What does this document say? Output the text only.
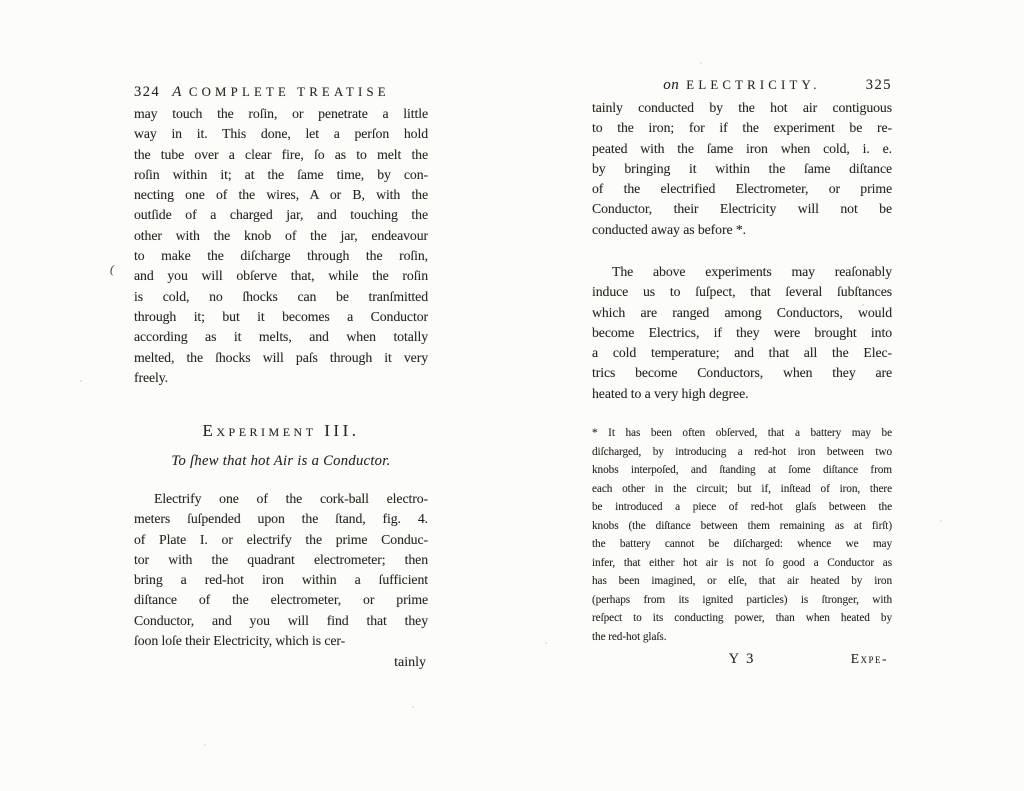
324 A COMPLETE TREATISE
may touch the roſin, or penetrate a little
way in it. This done, let a perſon hold
the tube over a clear fire, ſo as to melt the
roſin within it; at the ſame time, by con-
necting one of the wires, A or B, with the
outſide of a charged jar, and touching the
other with the knob of the jar, endeavour
to make the diſcharge through the roſin,
and you will obſerve that, while the roſin
is cold, no ſhocks can be tranſmitted
through it; but it becomes a Conductor
according as it melts, and when totally
melted, the ſhocks will paſs through it very
freely.
(
Experiment III.
To ſhew that hot Air is a Conductor.
Electrify one of the cork-ball electro-
meters ſuſpended upon the ſtand, fig. 4.
of Plate I. or electrify the prime Conduc-
tor with the quadrant electrometer; then
bring a red-hot iron within a ſufficient
diſtance of the electrometer, or prime
Conductor, and you will find that they
ſoon loſe their Electricity, which is cer-
tainly
on ELECTRICITY.	325
tainly conducted by the hot air contiguous
to the iron; for if the experiment be re-
peated with the ſame iron when cold, i. e.
by bringing it within the ſame diſtance
of the electrified Electrometer, or prime
Conductor, their Electricity will not be
conducted away as before *.
The above experiments may reaſonably
induce us to ſuſpect, that ſeveral ſubſtances
which are ranged among Conductors, would
become Electrics, if they were brought into
a cold temperature; and that all the Elec-
trics become Conductors, when they are
heated to a very high degree.
* It has been often obſerved, that a battery may be
diſcharged, by introducing a red-hot iron between two
knobs interpoſed, and ſtanding at ſome diſtance from
each other in the circuit; but if, inſtead of iron, there
be introduced a piece of red-hot glaſs between the
knobs (the diſtance between them remaining as at firſt)
the battery cannot be diſcharged: whence we may
infer, that either hot air is not ſo good a Conductor as
has been imagined, or elſe, that air heated by iron
(perhaps from its ignited particles) is ſtronger, with
reſpect to its conducting power, than when heated by
the red-hot glaſs.
Y 3	Expe-
